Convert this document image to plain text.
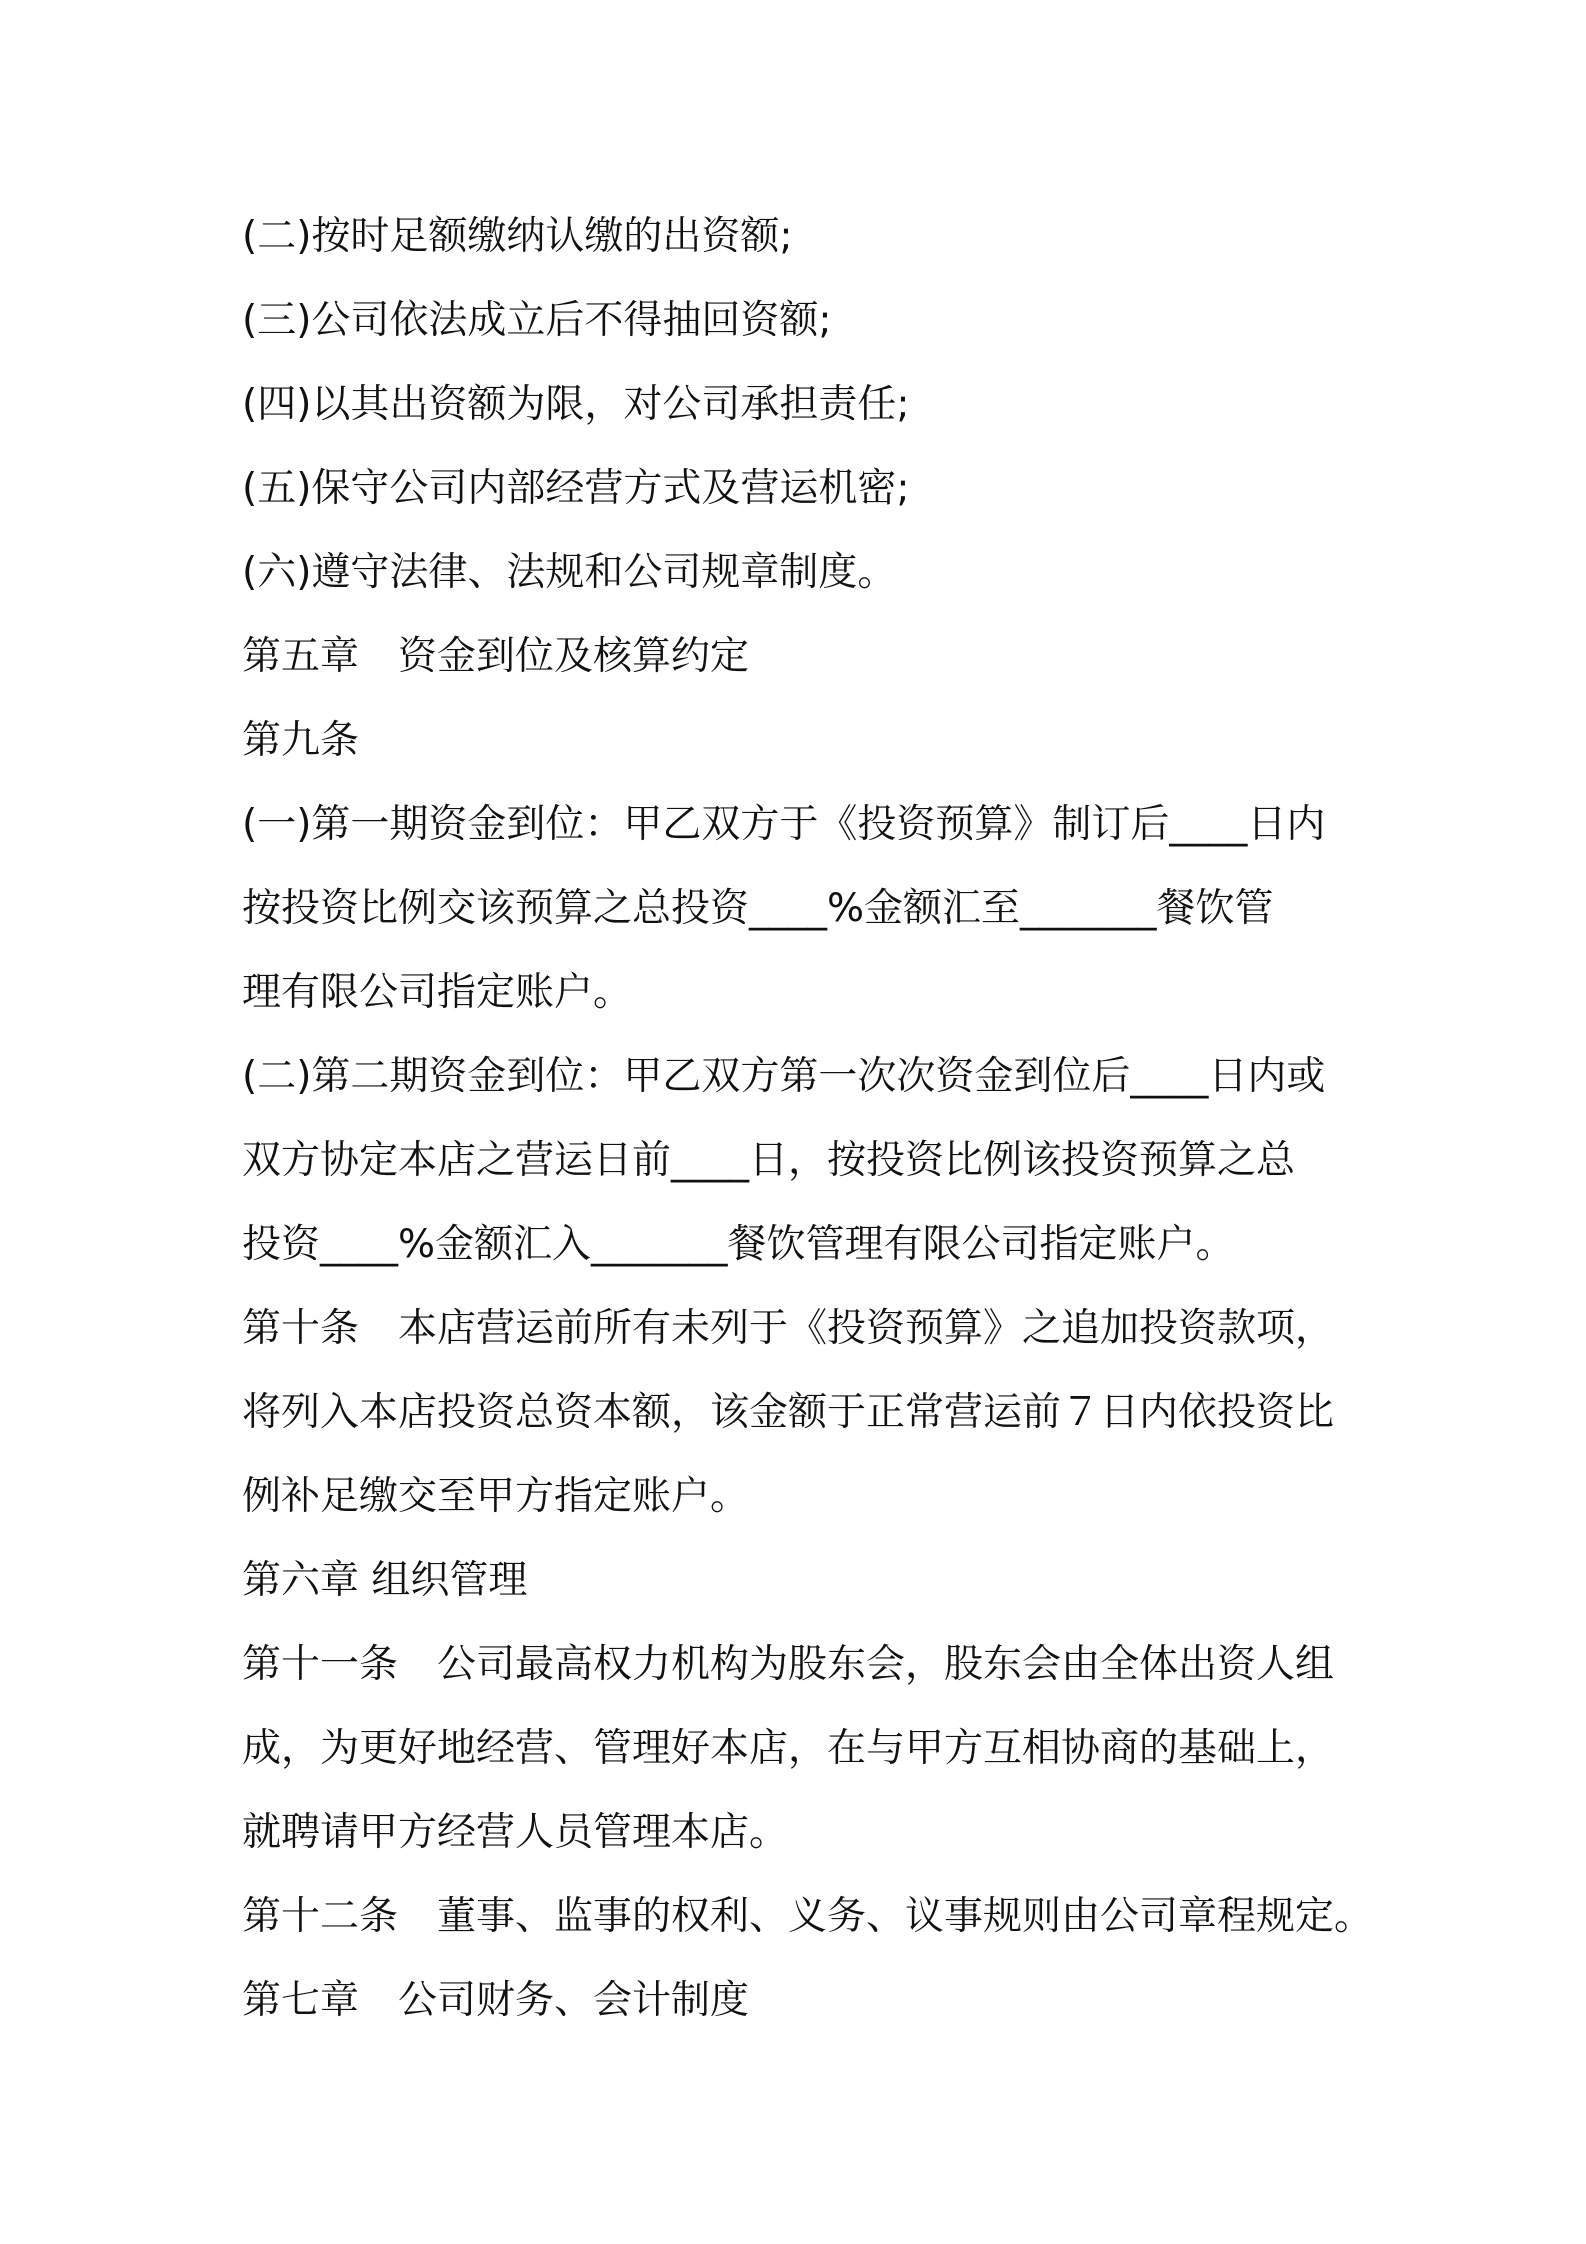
(二)按时足额缴纳认缴的出资额;

(三)公司依法成立后不得抽回资额;

(四)以其出资额为限，对公司承担责任;

(五)保守公司内部经营方式及营运机密;

(六)遵守法律、法规和公司规章制度。

第五章　资金到位及核算约定

第九条

(一)第一期资金到位：甲乙双方于《投资预算》制订后____日内

按投资比例交该预算之总投资____%金额汇至_______餐饮管

理有限公司指定账户。

(二)第二期资金到位：甲乙双方第一次次资金到位后____日内或

双方协定本店之营运日前____日，按投资比例该投资预算之总

投资____%金额汇入_______餐饮管理有限公司指定账户。

第十条　本店营运前所有未列于《投资预算》之追加投资款项，

将列入本店投资总资本额，该金额于正常营运前７日内依投资比

例补足缴交至甲方指定账户。

第六章 组织管理

第十一条　公司最高权力机构为股东会，股东会由全体出资人组

成，为更好地经营、管理好本店，在与甲方互相协商的基础上，

就聘请甲方经营人员管理本店。

第十二条　董事、监事的权利、义务、议事规则由公司章程规定。

第七章　公司财务、会计制度
